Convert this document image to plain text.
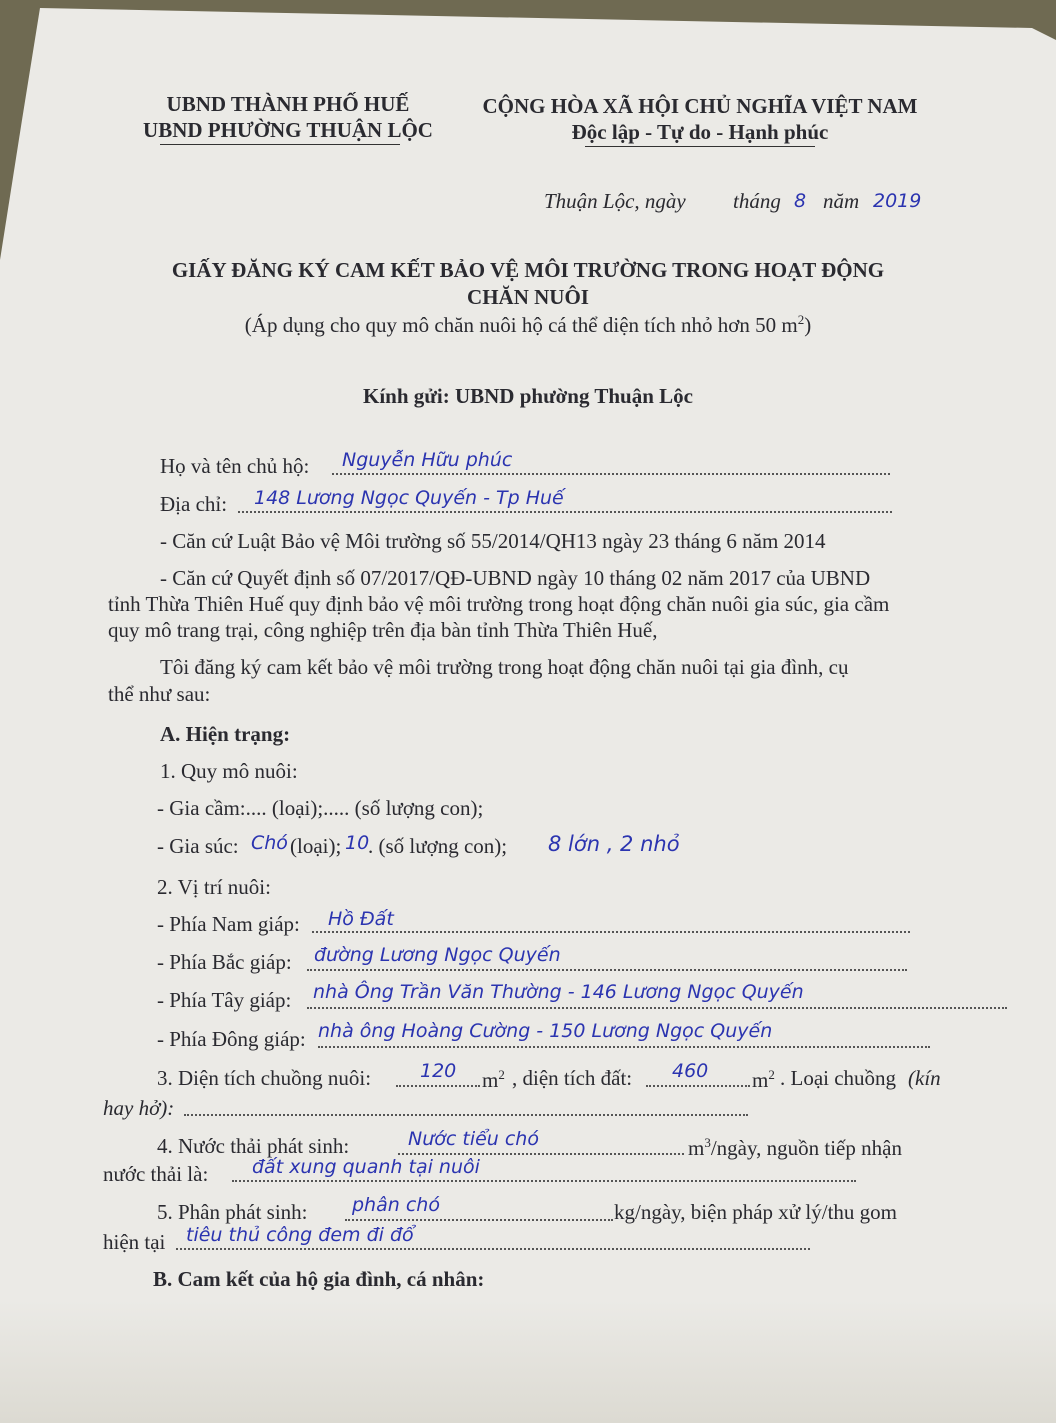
UBND THÀNH PHỐ HUẾ
UBND PHƯỜNG THUẬN LỘC
CỘNG HÒA XÃ HỘI CHỦ NGHĨA VIỆT NAM
Độc lập - Tự do - Hạnh phúc
Thuận Lộc, ngày tháng 8 năm 2019
GIẤY ĐĂNG KÝ CAM KẾT BẢO VỆ MÔI TRƯỜNG TRONG HOẠT ĐỘNG
CHĂN NUÔI
(Áp dụng cho quy mô chăn nuôi hộ cá thể diện tích nhỏ hơn 50 $m^2$)
Kính gửi: UBND phường Thuận Lộc
Họ và tên chủ hộ: Nguyễn Hữu phúc
Địa chỉ: 148 Lương Ngọc Quyến - Tp Huế
- Căn cứ Luật Bảo vệ Môi trường số 55/2014/QH13 ngày 23 tháng 6 năm 2014
- Căn cứ Quyết định số 07/2017/QĐ-UBND ngày 10 tháng 02 năm 2017 của UBND
tỉnh Thừa Thiên Huế quy định bảo vệ môi trường trong hoạt động chăn nuôi gia súc, gia cầm
quy mô trang trại, công nghiệp trên địa bàn tỉnh Thừa Thiên Huế,
Tôi đăng ký cam kết bảo vệ môi trường trong hoạt động chăn nuôi tại gia đình, cụ
thể như sau:
A. Hiện trạng:
1. Quy mô nuôi:
- Gia cầm:.... (loại);..... (số lượng con);
- Gia súc: Chó (loại); 10
. (số lượng con); 8 lớn , 2 nhỏ
2. Vị trí nuôi:
- Phía Nam giáp: Hồ Đất
- Phía Bắc giáp: đường Lương Ngọc Quyến
- Phía Tây giáp: nhà Ông Trần Văn Thường - 146 Lương Ngọc Quyến
- Phía Đông giáp: nhà ông Hoàng Cường - 150 Lương Ngọc Quyến
3. Diện tích chuồng nuôi:	120 $m^2$ , diện tích đất: 460 $m^2$ . Loại chuồng (kín
hay hở):
4. Nước thải phát sinh:	Nước tiểu chó	$m^3$/ngày, nguồn tiếp nhận
nước thải là: đất xung quanh tại nuôi
5. Phân phát sinh: phân chó	kg/ngày, biện pháp xử lý/thu gom
hiện tại tiêu thủ công đem đi đổ
B. Cam kết của hộ gia đình, cá nhân:
